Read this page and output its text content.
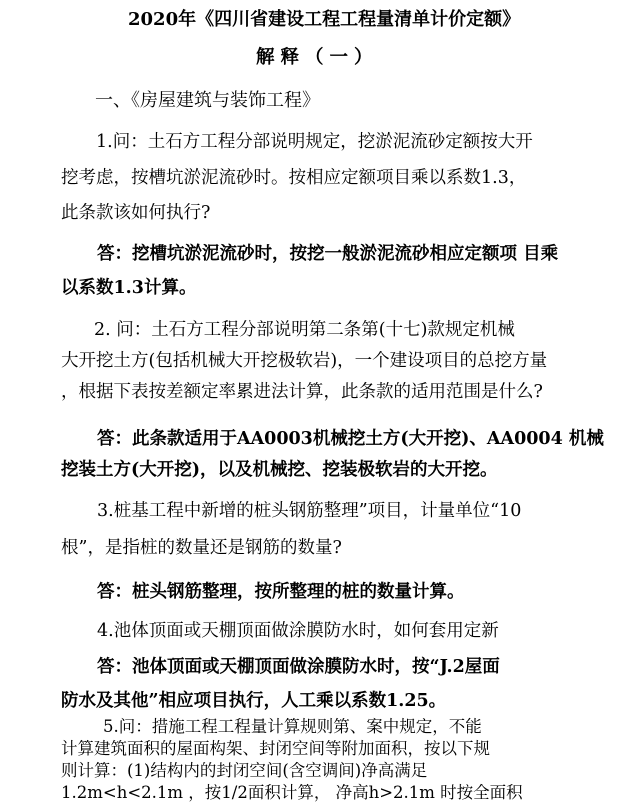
2020年《四川省建设工程工程量清单计价定额》
解释（一）
一、《房屋建筑与装饰工程》
1.问：土石方工程分部说明规定，挖淤泥流砂定额按大开
挖考虑，按槽坑淤泥流砂时。按相应定额项目乘以系数1.3，
此条款该如何执行?
答：挖槽坑淤泥流砂时，按挖一般淤泥流砂相应定额项 目乘
以系数1.3计算。
2. 问：土石方工程分部说明第二条第(十七)款规定机械
大开挖土方(包括机械大开挖极软岩)，一个建设项目的总挖方量
，根据下表按差额定率累进法计算，此条款的适用范围是什么?
答：此条款适用于AA0003机械挖土方(大开挖)、AA0004 机械
挖装土方(大开挖)，以及机械挖、挖装极软岩的大开挖。
3.桩基工程中新增的桩头钢筋整理”项目，计量单位“10
根”，是指桩的数量还是钢筋的数量?
答：桩头钢筋整理，按所整理的桩的数量计算。
4.池体顶面或天棚顶面做涂膜防水时，如何套用定新
答：池体顶面或天棚顶面做涂膜防水时，按“J.2屋面
防水及其他”相应项目执行，人工乘以系数1.25。
5.问：措施工程工程量计算规则第、案中规定，不能
计算建筑面积的屋面构架、封闭空间等附加面积，按以下规
则计算：(1)结构内的封闭空间(含空调间)净高满足
1.2m<h<2.1m ，按1/2面积计算， 净高h>2.1m 时按全面积
